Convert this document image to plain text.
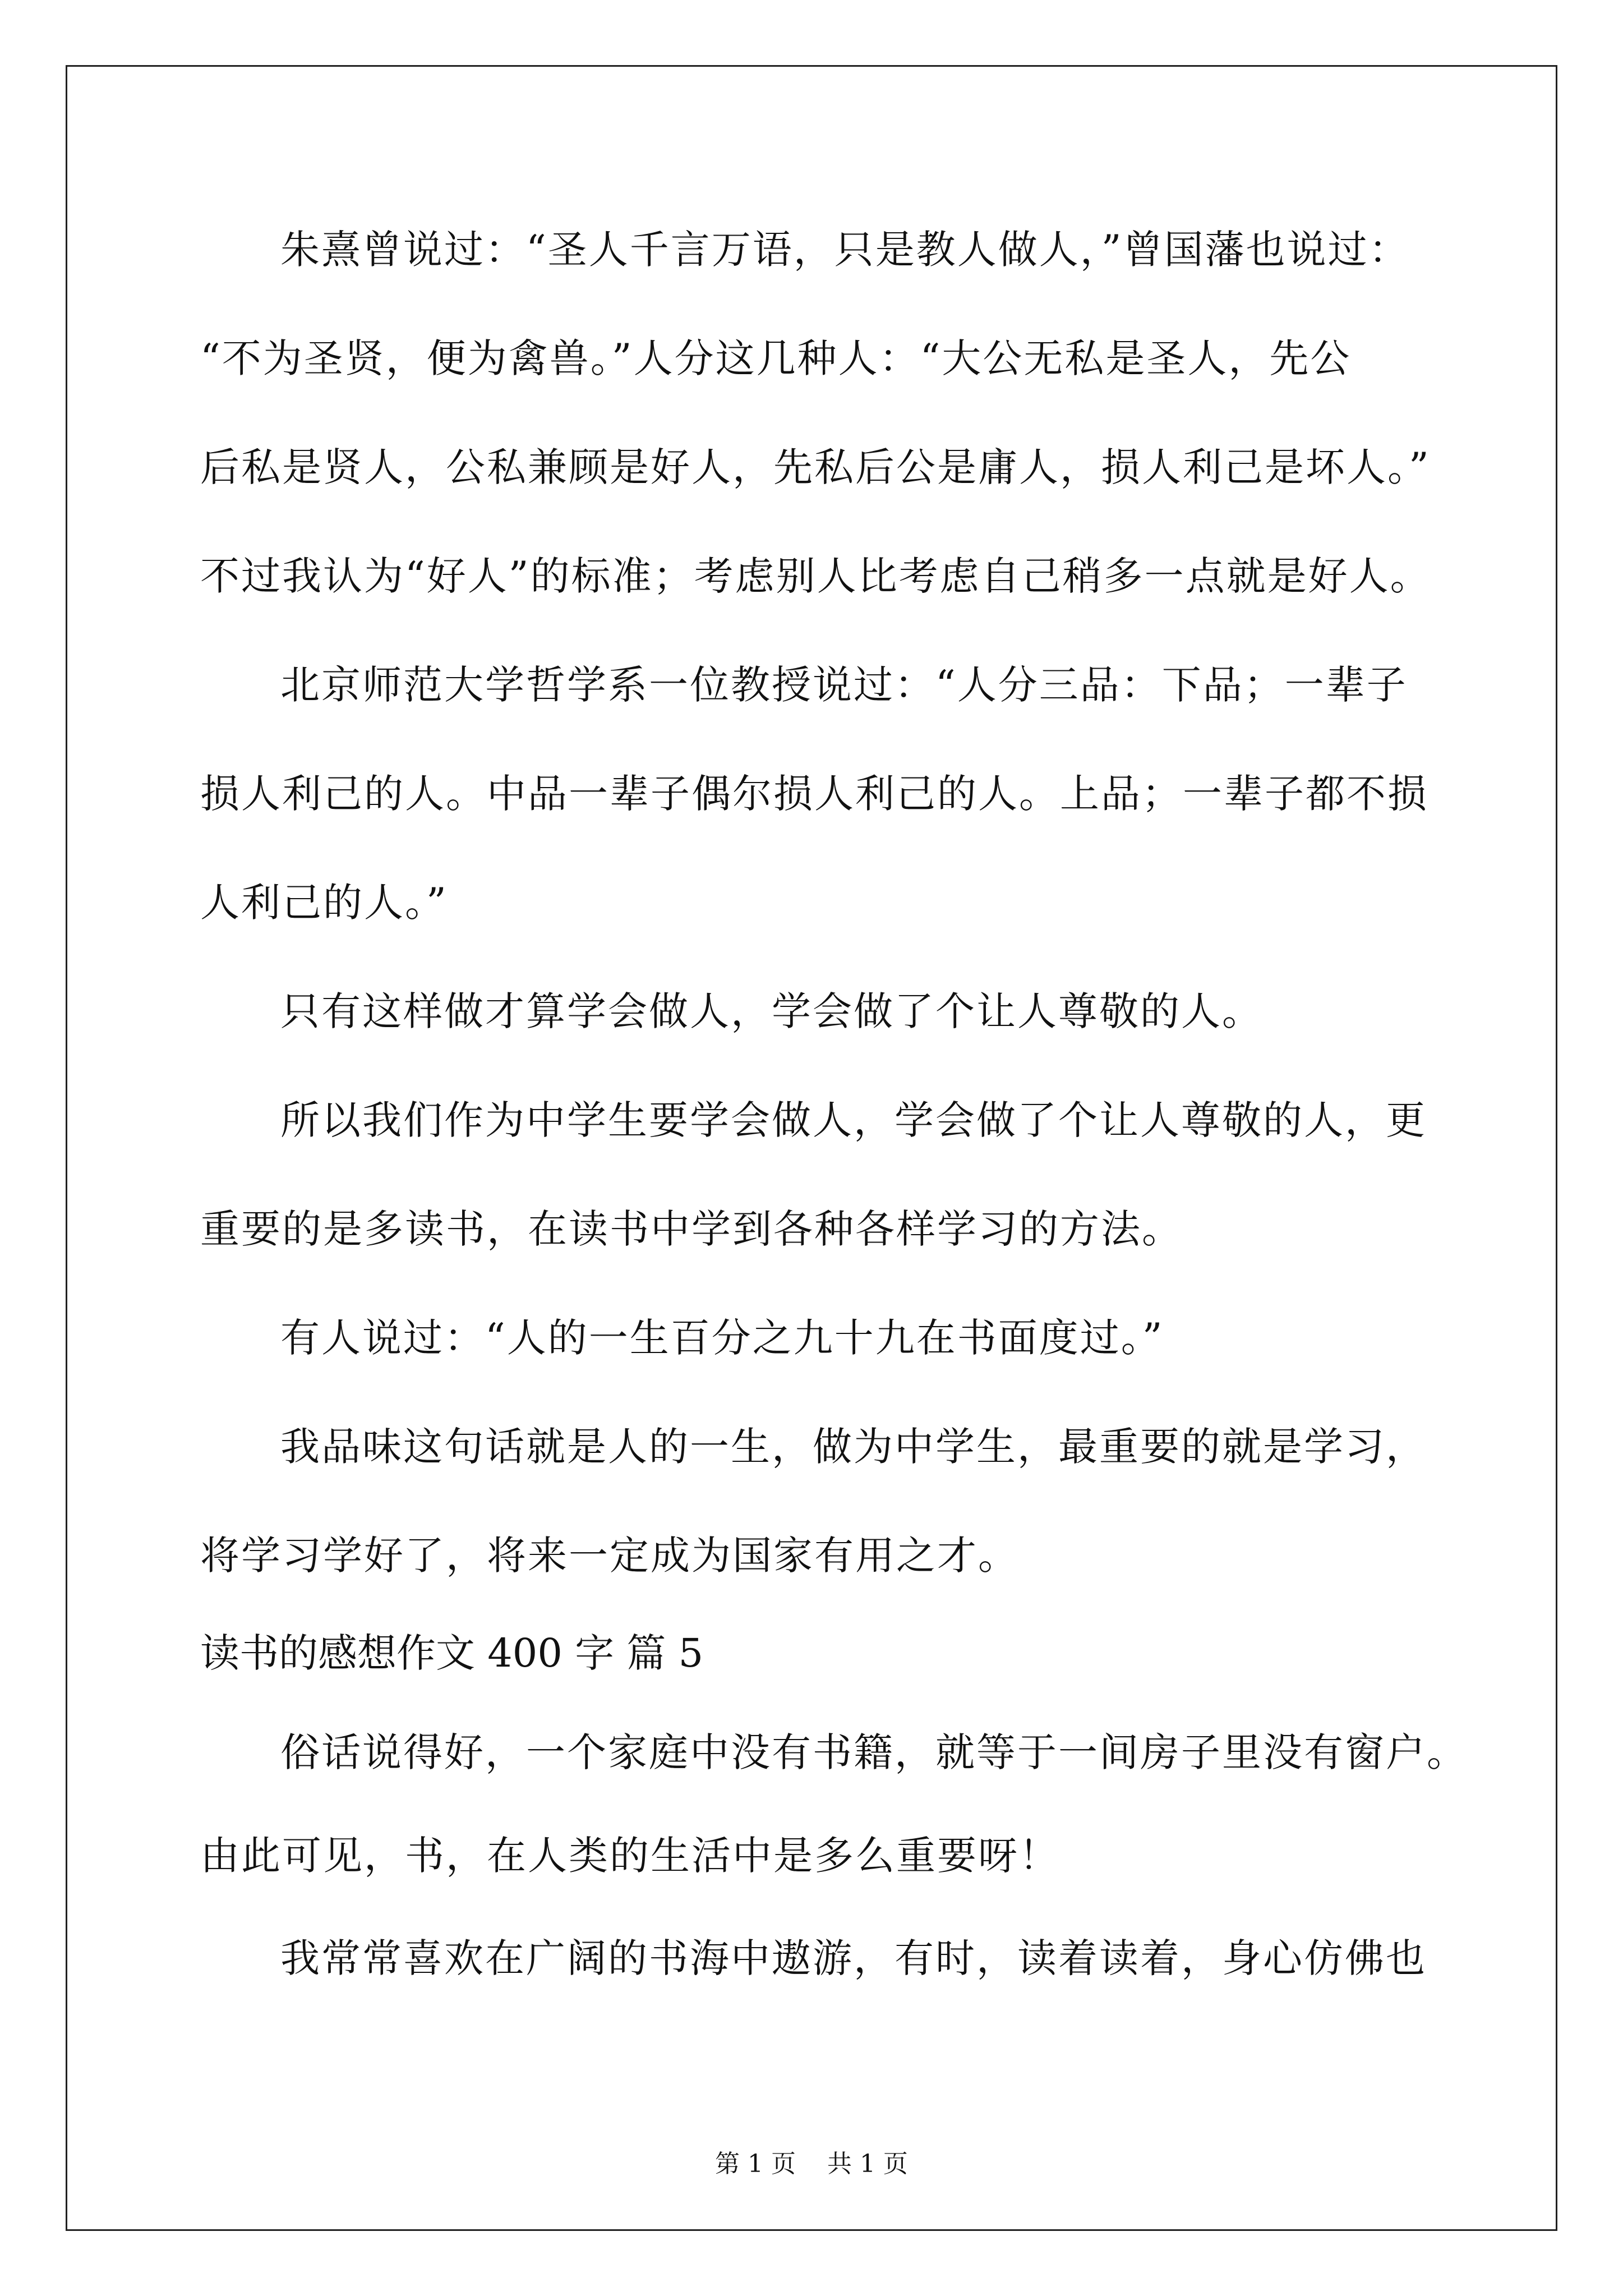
朱熹曾说过：“圣人千言万语，只是教人做人，”曾国藩也说过：
“不为圣贤，便为禽兽。”人分这几种人：“大公无私是圣人，先公
后私是贤人，公私兼顾是好人，先私后公是庸人，损人利己是坏人。”
不过我认为“好人”的标准；考虑别人比考虑自己稍多一点就是好人。
北京师范大学哲学系一位教授说过：“人分三品：下品；一辈子
损人利己的人。中品一辈子偶尔损人利己的人。上品；一辈子都不损
人利己的人。”
只有这样做才算学会做人，学会做了个让人尊敬的人。
所以我们作为中学生要学会做人，学会做了个让人尊敬的人，更
重要的是多读书，在读书中学到各种各样学习的方法。
有人说过：“人的一生百分之九十九在书面度过。”
我品味这句话就是人的一生，做为中学生，最重要的就是学习，
将学习学好了，将来一定成为国家有用之才。
读书的感想作文 400 字 篇 5
俗话说得好，一个家庭中没有书籍，就等于一间房子里没有窗户。
由此可见，书，在人类的生活中是多么重要呀！
我常常喜欢在广阔的书海中遨游，有时，读着读着，身心仿佛也
第 1 页    共 1 页
